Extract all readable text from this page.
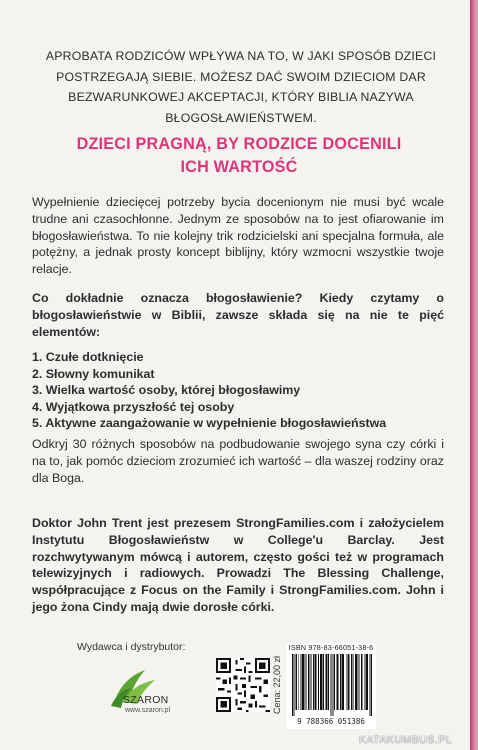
APROBATA RODZICÓW WPŁYWA NA TO, W JAKI SPOSÓB DZIECI POSTRZEGAJĄ SIEBIE. MOŻESZ DAĆ SWOIM DZIECIOM DAR BEZWARUNKOWEJ AKCEPTACJI, KTÓRY BIBLIA NAZYWA BŁOGOSŁAWIEŃSTWEM.
DZIECI PRAGNĄ, BY RODZICE DOCENILI
ICH WARTOŚĆ
Wypełnienie dziecięcej potrzeby bycia docenionym nie musi być wcale trudne ani czasochłonne. Jednym ze sposobów na to jest ofiarowanie im błogosławieństwa. To nie kolejny trik rodzicielski ani specjalna formuła, ale potężny, a jednak prosty koncept biblijny, który wzmocni wszystkie twoje relacje.
Co dokładnie oznacza błogosławienie? Kiedy czytamy o błogosławieństwie w Biblii, zawsze składa się na nie te pięć elementów:
1. Czułe dotknięcie
2. Słowny komunikat
3. Wielka wartość osoby, której błogosławimy
4. Wyjątkowa przyszłość tej osoby
5. Aktywne zaangażowanie w wypełnienie błogosławieństwa
Odkryj 30 różnych sposobów na podbudowanie swojego syna czy córki i na to, jak pomóc dzieciom zrozumieć ich wartość – dla waszej rodziny oraz dla Boga.
Doktor John Trent jest prezesem StrongFamilies.com i założycielem Instytutu Błogosławieństw w College'u Barclay. Jest rozchwytywanym mówcą i autorem, często gości też w programach telewizyjnych i radiowych. Prowadzi The Blessing Challenge, współpracujące z Focus on the Family i StrongFamilies.com. John i jego żona Cindy mają dwie dorosłe córki.
Wydawca i dystrybutor:
SZARON
www.szaron.pl	Cena: 22,00 zł
ISBN 978-83-66051-38-6
9 788366 051386
KATAKUMBUS.PL
